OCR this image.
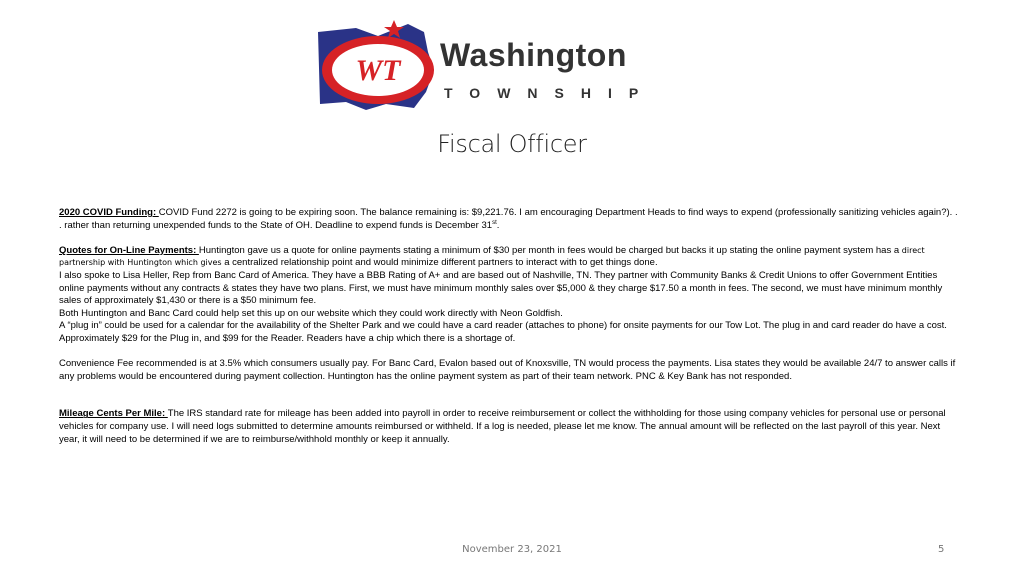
WT Washington
TOWNSHIP
Fiscal Officer

2020 COVID Funding: COVID Fund 2272 is going to be expiring soon. The balance remaining is: $9,221.76. I am encouraging Department Heads to find ways to expend (professionally sanitizing vehicles again?). . . rather than returning unexpended funds to the State of OH. Deadline to expend funds is December 31st.

Quotes for On-Line Payments: Huntington gave us a quote for online payments stating a minimum of $30 per month in fees would be charged but backs it up stating the online payment system has a direct partnership with Huntington which gives a centralized relationship point and would minimize different partners to interact with to get things done.

I also spoke to Lisa Heller, Rep from Banc Card of America. They have a BBB Rating of A+ and are based out of Nashville, TN. They partner with Community Banks & Credit Unions to offer Government Entities online payments without any contracts & states they have two plans. First, we must have minimum monthly sales over $5,000 & they charge $17.50 a month in fees. The second, we must have minimum monthly sales of approximately $1,430 or there is a $50 minimum fee.

Both Huntington and Banc Card could help set this up on our website which they could work directly with Neon Goldfish.

A “plug in” could be used for a calendar for the availability of the Shelter Park and we could have a card reader (attaches to phone) for onsite payments for our Tow Lot. The plug in and card reader do have a cost. Approximately $29 for the Plug in, and $99 for the Reader. Readers have a chip which there is a shortage of.

Convenience Fee recommended is at 3.5% which consumers usually pay. For Banc Card, Evalon based out of Knoxsville, TN would process the payments. Lisa states they would be available 24/7 to answer calls if any problems would be encountered during payment collection. Huntington has the online payment system as part of their team network. PNC & Key Bank has not responded.

Mileage Cents Per Mile: The IRS standard rate for mileage has been added into payroll in order to receive reimbursement or collect the withholding for those using company vehicles for personal use or personal vehicles for company use. I will need logs submitted to determine amounts reimbursed or withheld. If a log is needed, please let me know. The annual amount will be reflected on the last payroll of this year. Next year, it will need to be determined if we are to reimburse/withhold monthly or keep it annually.

November 23, 2021	5
